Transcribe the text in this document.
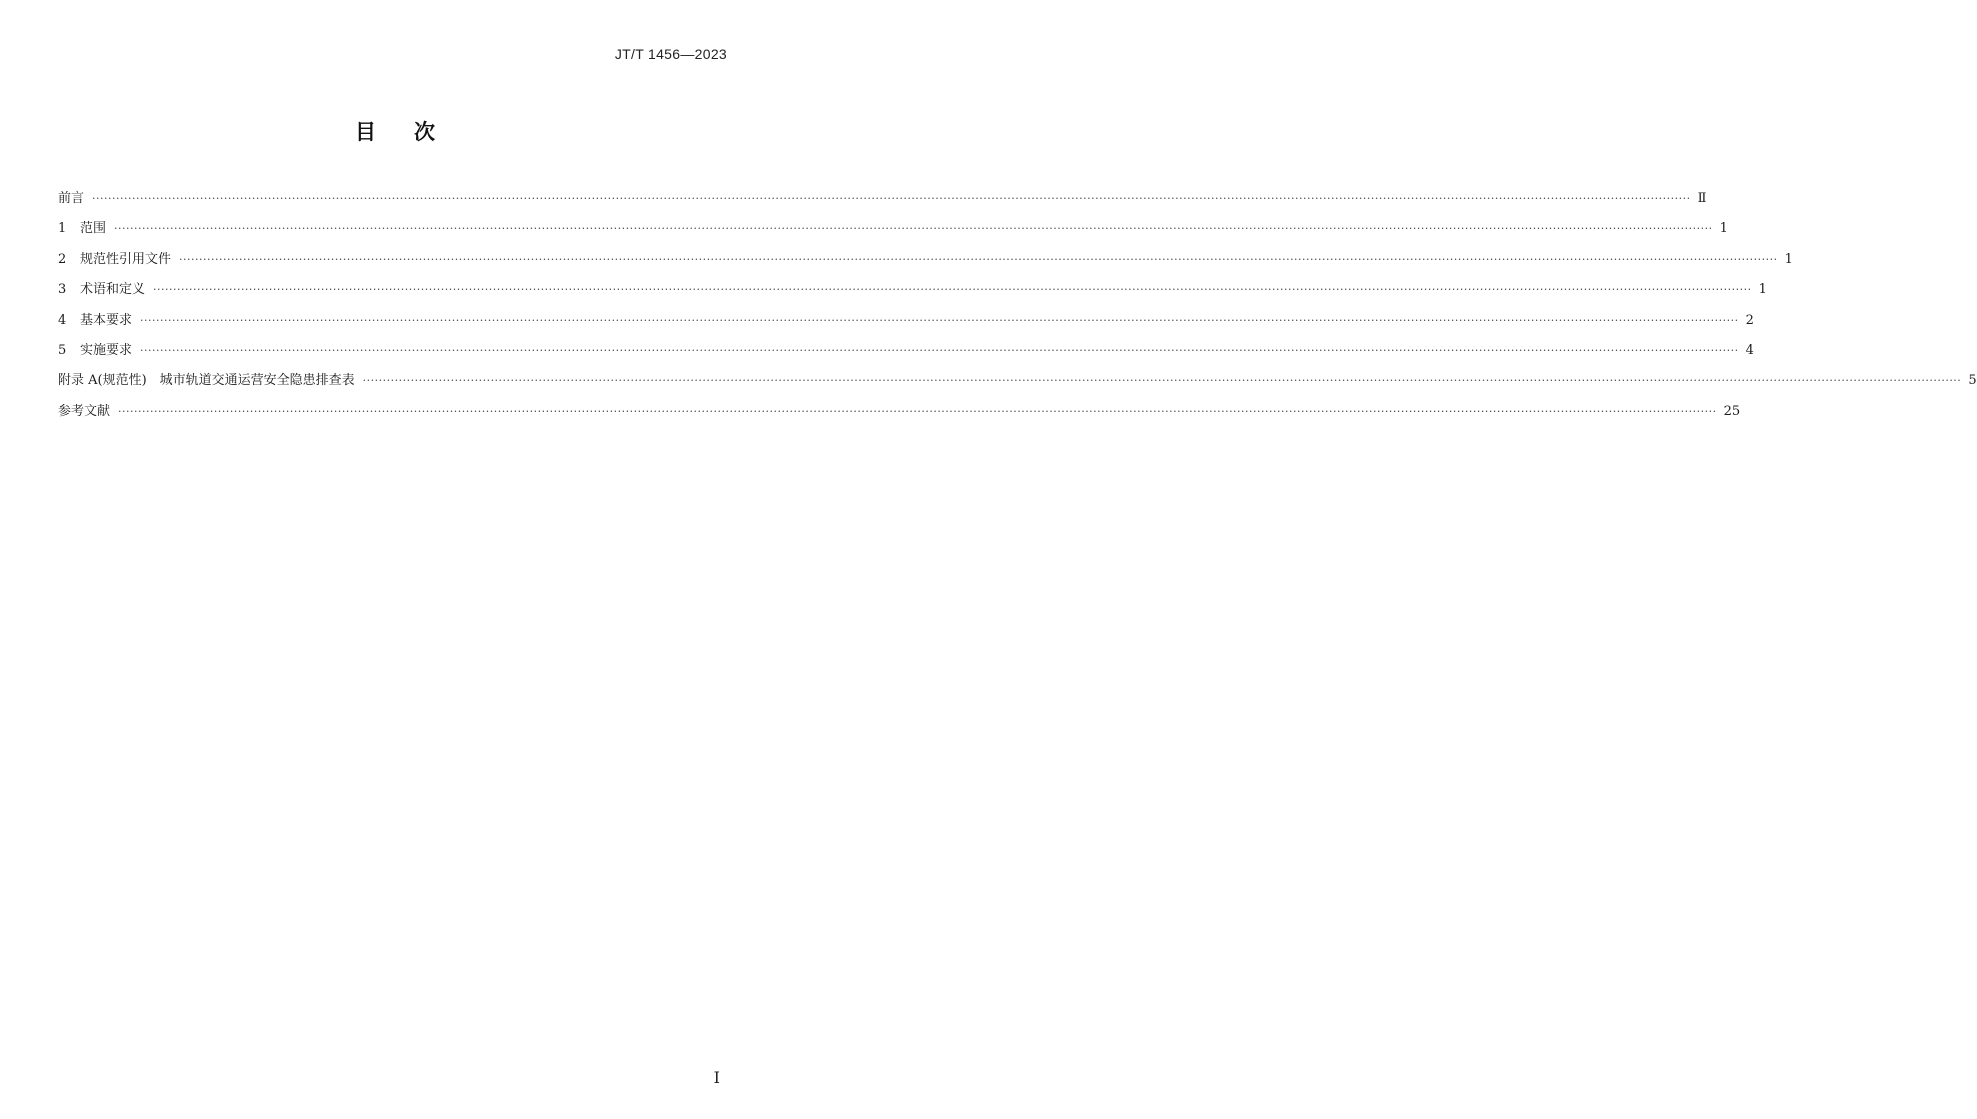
JT/T 1456—2023
目 次
前言 ················································································································································································································································································································································································································ Ⅱ
1	范围 ················································································································································································································································································································································································································ 1
2	规范性引用文件 ················································································································································································································································································································································································································ 1
3	术语和定义 ················································································································································································································································································································································································································ 1
4	基本要求 ················································································································································································································································································································································································································ 2
5	实施要求 ················································································································································································································································································································································································································ 4
附录 A(规范性)　城市轨道交通运营安全隐患排查表 ················································································································································································································································································································································································································ 5
参考文献 ················································································································································································································································································································································································································ 25
Ⅰ
